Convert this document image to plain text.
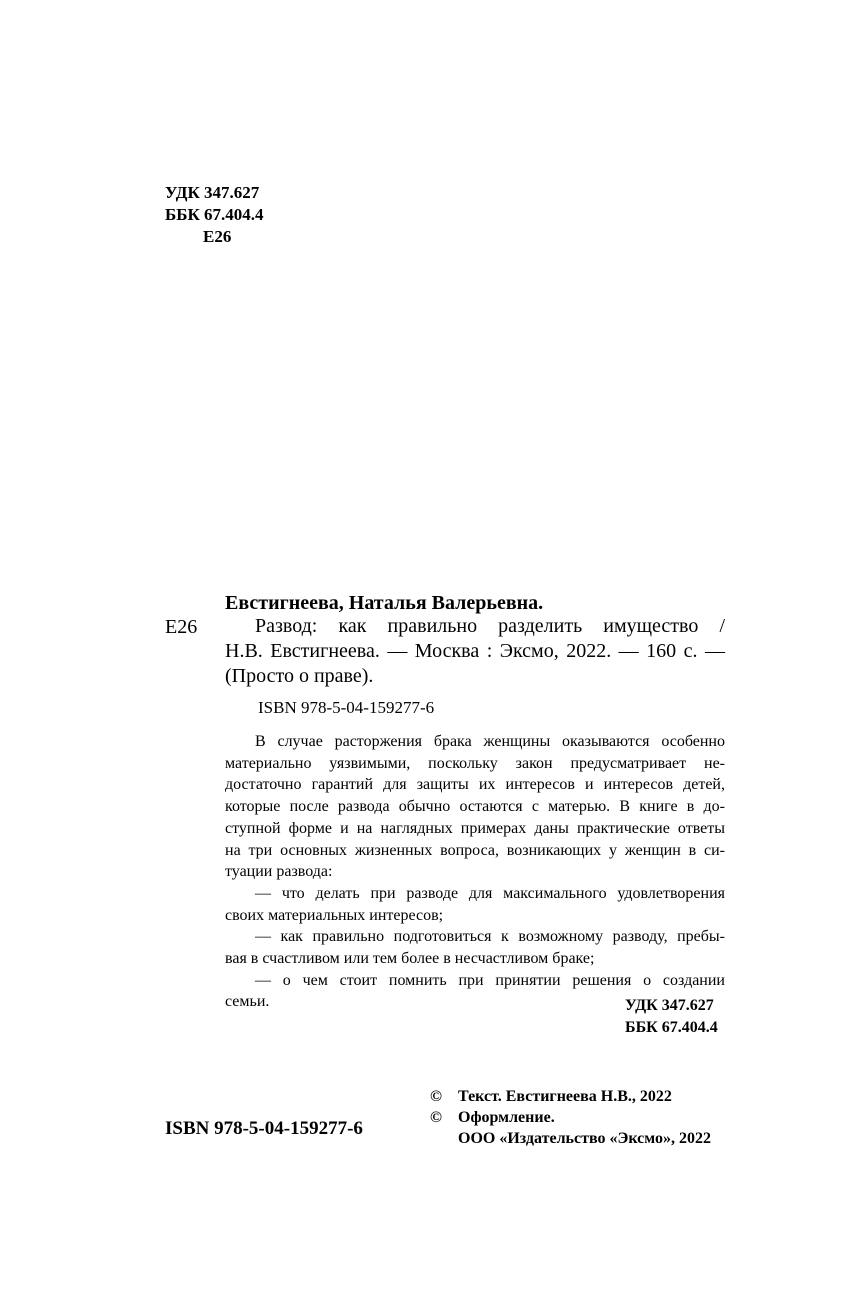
УДК 347.627
ББК 67.404.4
Е26
Евстигнеева, Наталья Валерьевна.
Е26	Развод: как правильно разделить имущество /
Н.В. Евстигнеева. — Москва : Эксмо, 2022. — 160 с. —
(Просто о праве).
ISBN 978-5-04-159277-6
В случае расторжения брака женщины оказываются особенно
материально уязвимыми, поскольку закон предусматривает не-
достаточно гарантий для защиты их интересов и интересов детей,
которые после развода обычно остаются с матерью. В книге в до-
ступной форме и на наглядных примерах даны практические ответы
на три основных жизненных вопроса, возникающих у женщин в си-
туации развода:
— что делать при разводе для максимального удовлетворения
своих материальных интересов;
— как правильно подготовиться к возможному разводу, пребы-
вая в счастливом или тем более в несчастливом браке;
— о чем стоит помнить при принятии решения о создании
семьи.	УДК 347.627
ББК 67.404.4
ISBN 978-5-04-159277-6
© Текст. Евстигнеева Н.В., 2022
© Оформление.
ООО «Издательство «Эксмо», 2022
